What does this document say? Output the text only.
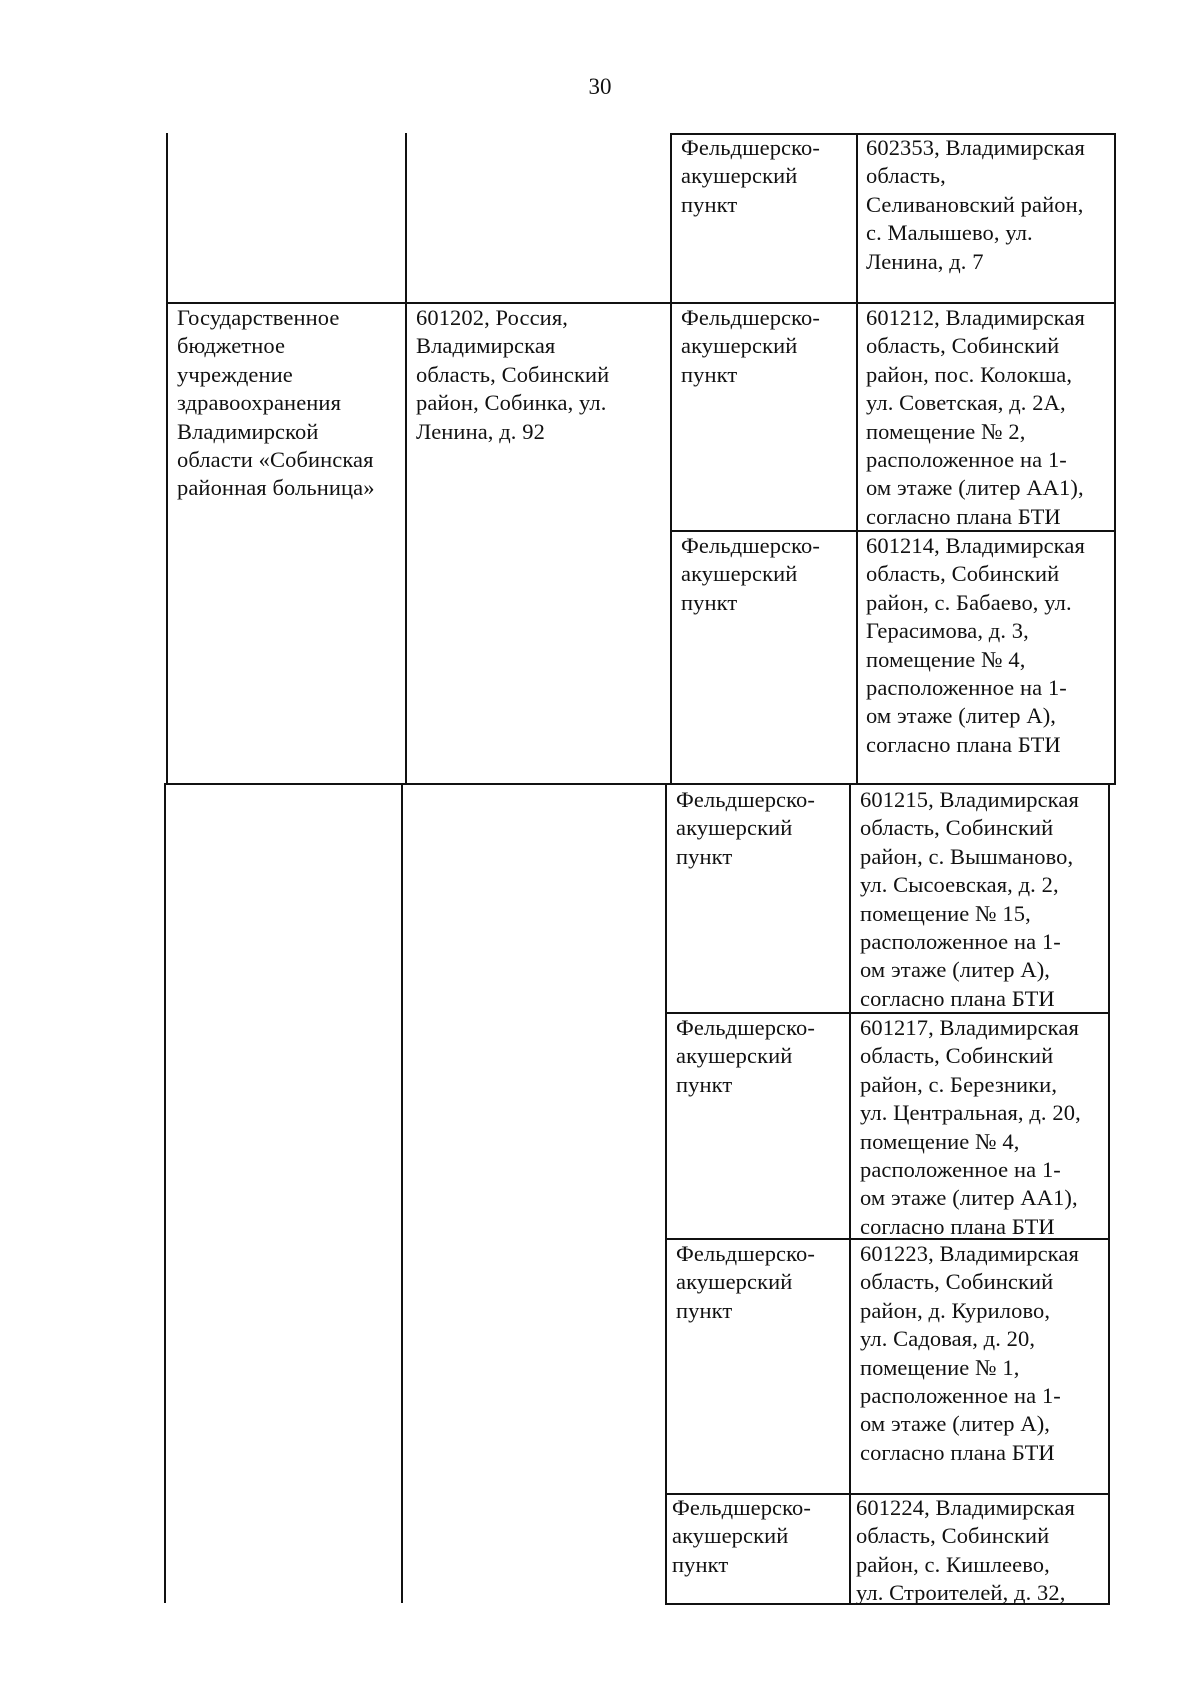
30
Фельдшерско-
акушерский
пункт
602353, Владимирская
область,
Селивановский район,
с. Малышево, ул.
Ленина, д. 7
Государственное
бюджетное
учреждение
здравоохранения
Владимирской
области «Собинская
районная больница»
601202, Россия,
Владимирская
область, Собинский
район, Собинка, ул.
Ленина, д. 92
Фельдшерско-
акушерский
пункт
601212, Владимирская
область, Собинский
район, пос. Колокша,
ул. Советская, д. 2А,
помещение № 2,
расположенное на 1-
ом этаже (литер АА1),
согласно плана БТИ
Фельдшерско-
акушерский
пункт
601214, Владимирская
область, Собинский
район, с. Бабаево, ул.
Герасимова, д. 3,
помещение № 4,
расположенное на 1-
ом этаже (литер А),
согласно плана БТИ
Фельдшерско-
акушерский
пункт
601215, Владимирская
область, Собинский
район, с. Вышманово,
ул. Сысоевская, д. 2,
помещение № 15,
расположенное на 1-
ом этаже (литер А),
согласно плана БТИ
Фельдшерско-
акушерский
пункт
601217, Владимирская
область, Собинский
район, с. Березники,
ул. Центральная, д. 20,
помещение № 4,
расположенное на 1-
ом этаже (литер АА1),
согласно плана БТИ
Фельдшерско-
акушерский
пункт
601223, Владимирская
область, Собинский
район, д. Курилово,
ул. Садовая, д. 20,
помещение № 1,
расположенное на 1-
ом этаже (литер А),
согласно плана БТИ
Фельдшерско-
акушерский
пункт
601224, Владимирская
область, Собинский
район, с. Кишлеево,
ул. Строителей, д. 32,
